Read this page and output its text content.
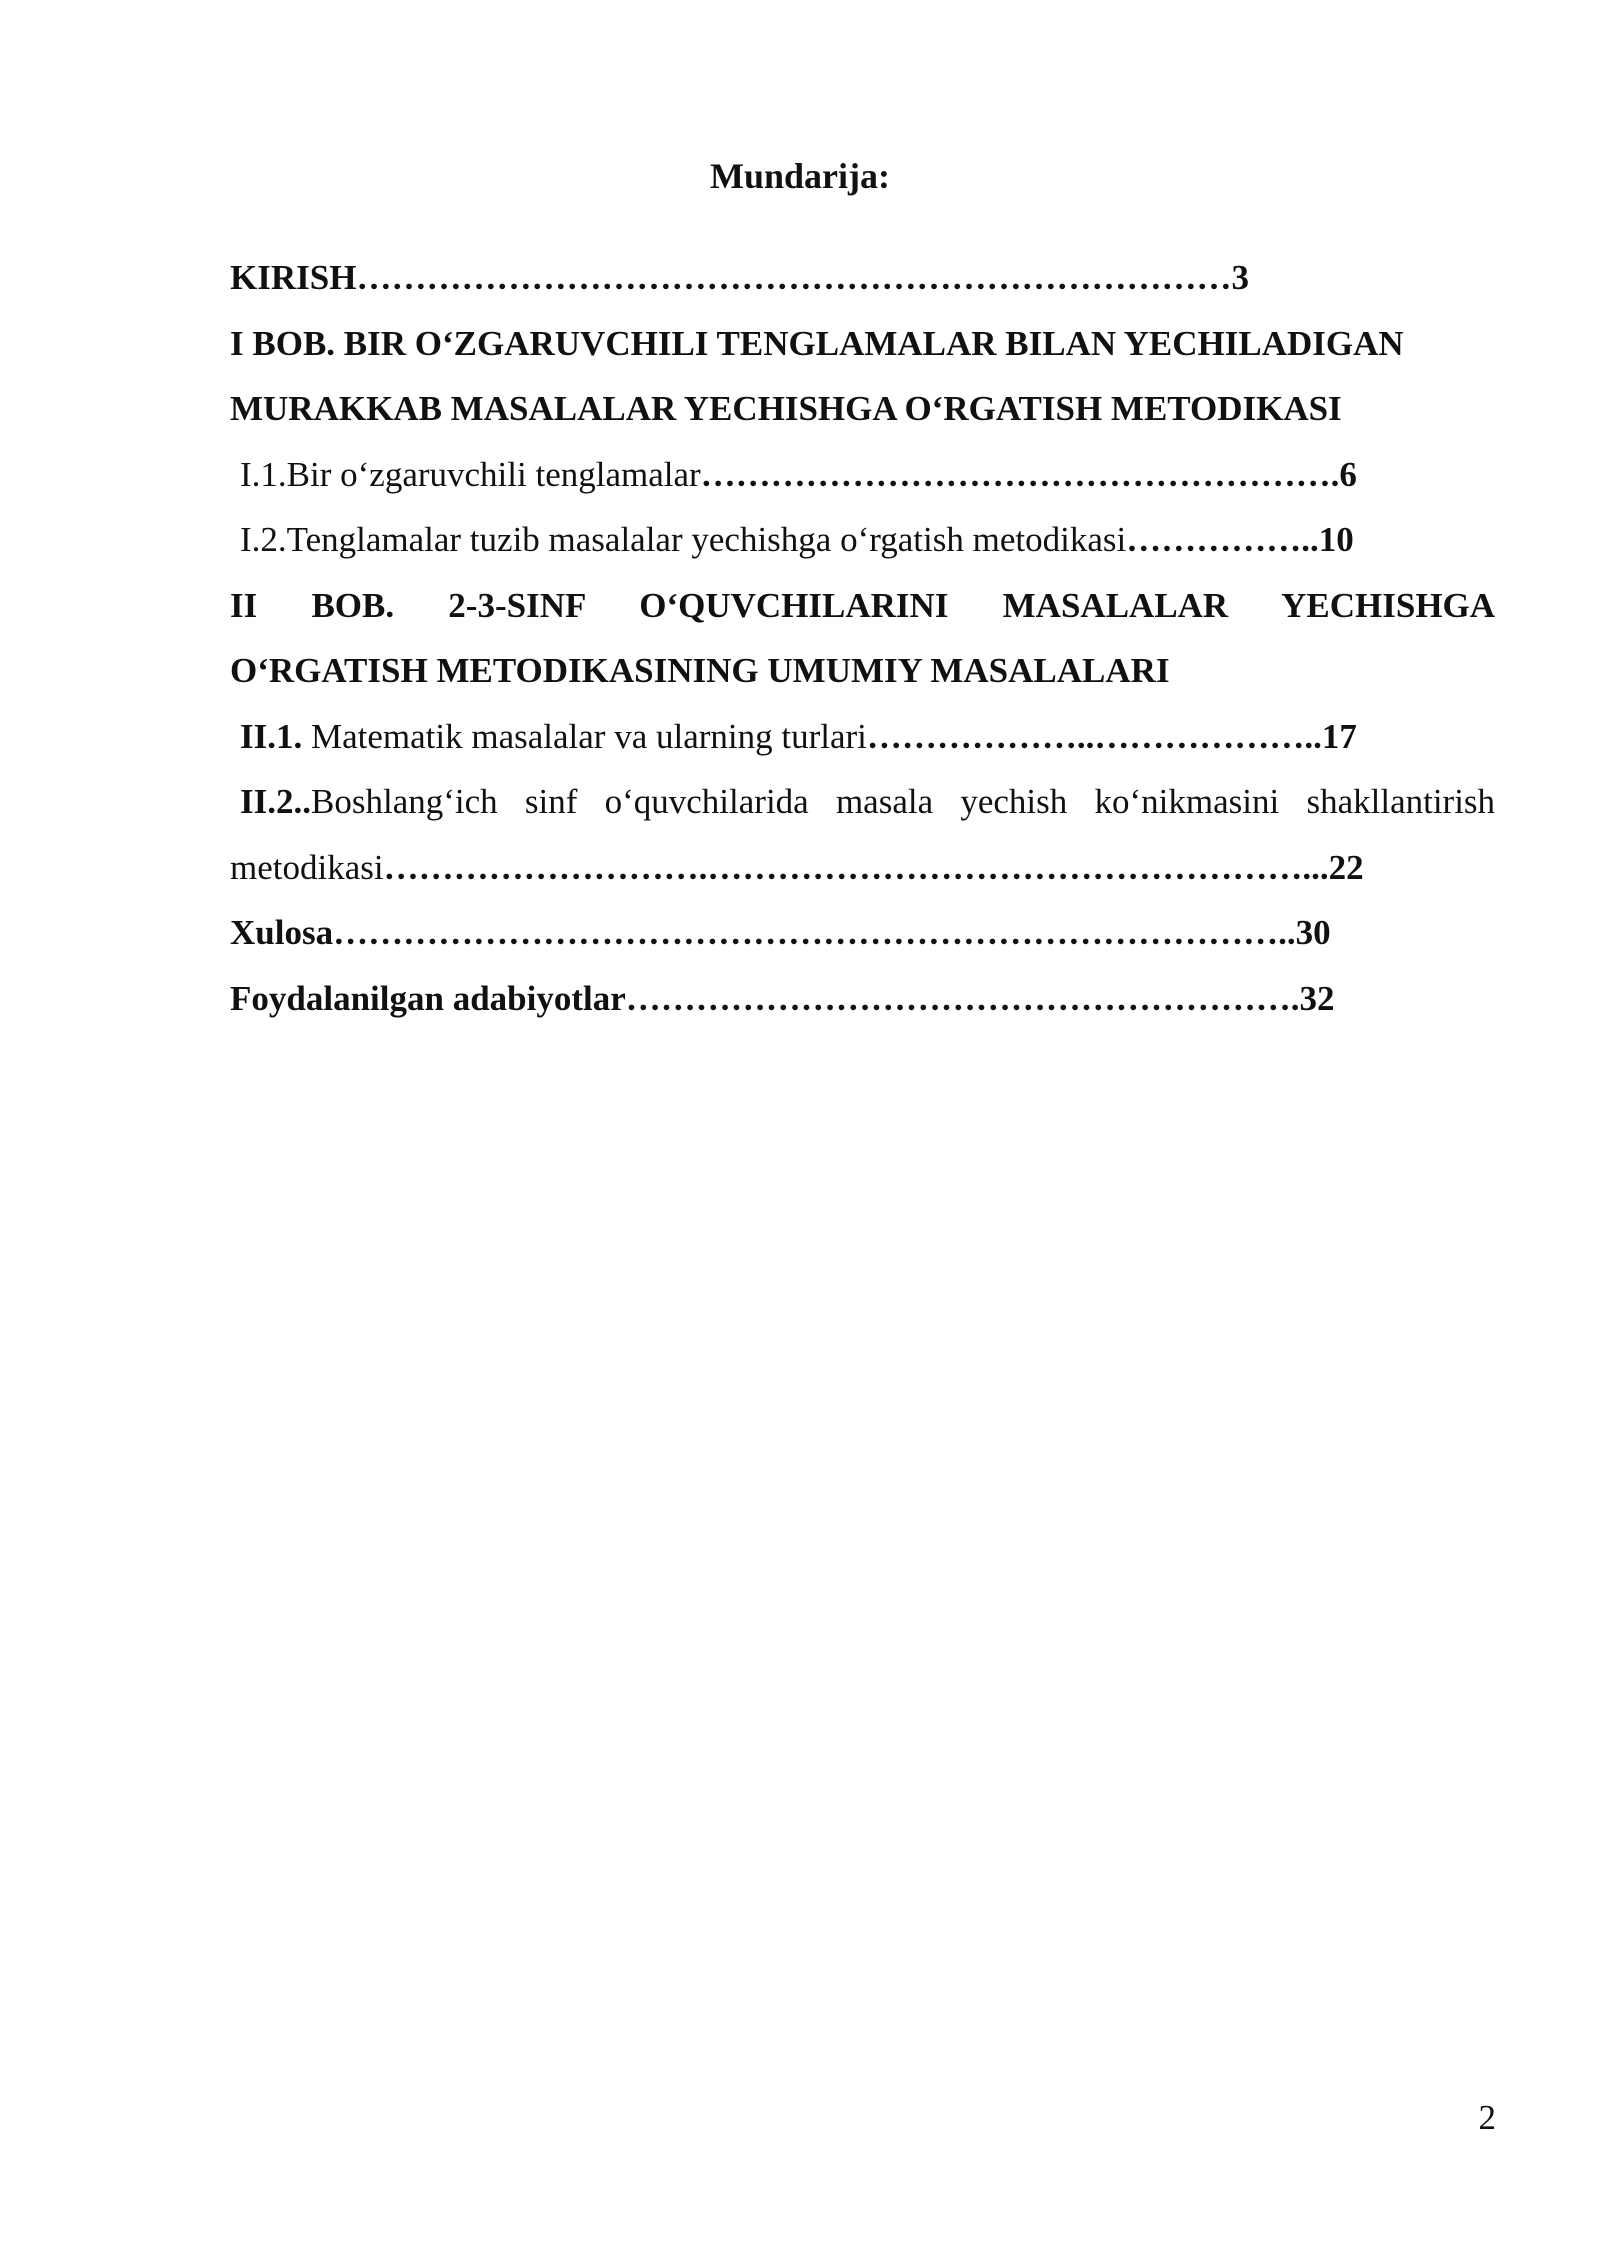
Mundarija:
KIRISH…………………………………………………………………3
I BOB. BIR O‘ZGARUVCHILI TENGLAMALAR BILAN YECHILADIGAN
MURAKKAB MASALALAR YECHISHGA O‘RGATISH METODIKASI
I.1.Bir o‘zgaruvchili tenglamalar……………………………………………….6
I.2.Tenglamalar tuzib masalalar yechishga o‘rgatish metodikasi……………..10
II BOB. 2-3-SINF O‘QUVCHILARINI MASALALAR YECHISHGA
O‘RGATISH METODIKASINING UMUMIY MASALALARI
II.1. Matematik masalalar va ularning turlari………………..………………..17
II.2..Boshlang‘ich sinf o‘quvchilarida masala yechish ko‘nikmasini shakllantirish
metodikasi……………………….……………………………………………...22
Xulosa………………………………………………………………………..30
Foydalanilgan adabiyotlar………………………………………………….32
2
